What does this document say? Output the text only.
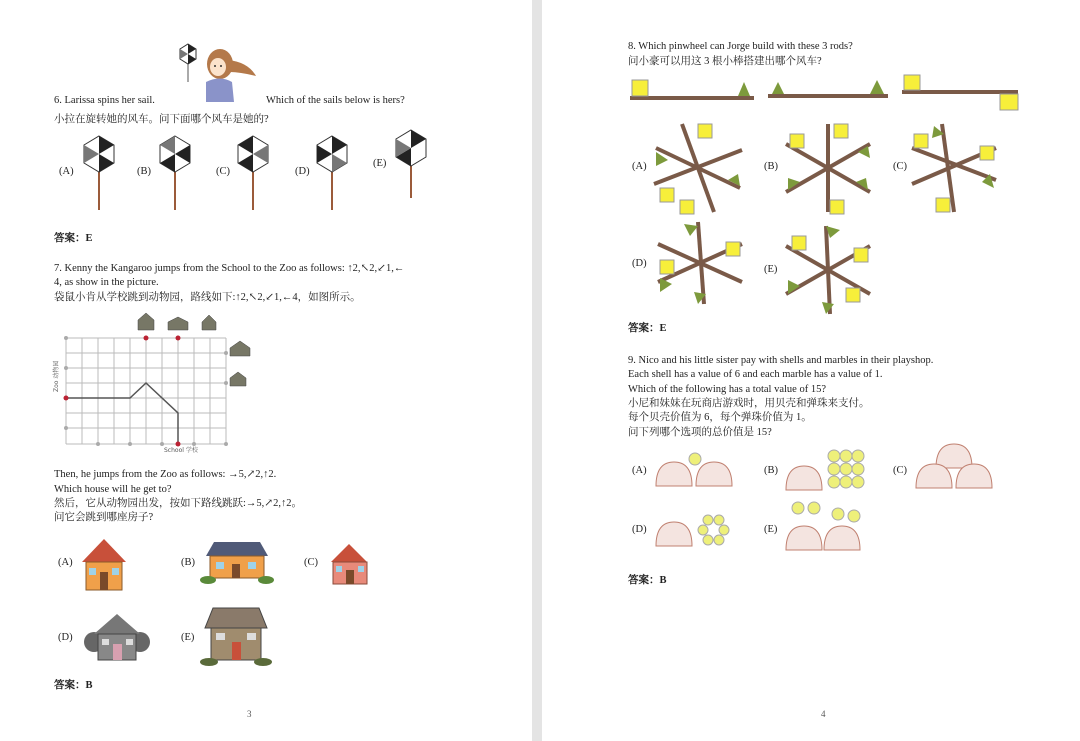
6. Larissa spins her sail.	Which of the sails below is hers?
小拉在旋转她的风车。问下面哪个风车是她的?
(A)	(B)	(C)	(D)
(E)
答案：E
7. Kenny the Kangaroo jumps from the School to the Zoo as follows: ↑2,↖2,↙1,←
4, as show in the picture.
袋鼠小肯从学校跳到动物园，路线如下:↑2,↖2,↙1,←4，如图所示。
Zoo 动物园
School 学校
Then, he jumps from the Zoo as follows: →5,↗2,↑2.
Which house will he get to?
然后，它从动物园出发，按如下路线跳跃:→5,↗2,↑2。
问它会跳到哪座房子?
(A)	(B)	(C)
(D)	(E)
答案：B
3
8. Which pinwheel can Jorge build with these 3 rods?
问小豪可以用这 3 根小棒搭建出哪个风车?
(A)	(B)	(C)
(D)
(E)
答案：E
9. Nico and his little sister pay with shells and marbles in their playshop.
Each shell has a value of 6 and each marble has a value of 1.
Which of the following has a total value of 15?
小尼和妹妹在玩商店游戏时，用贝壳和弹珠来支付。
每个贝壳价值为 6，每个弹珠价值为 1。
问下列哪个选项的总价值是 15?
(A)	(B)	(C)
(D)	(E)
答案：B
4
